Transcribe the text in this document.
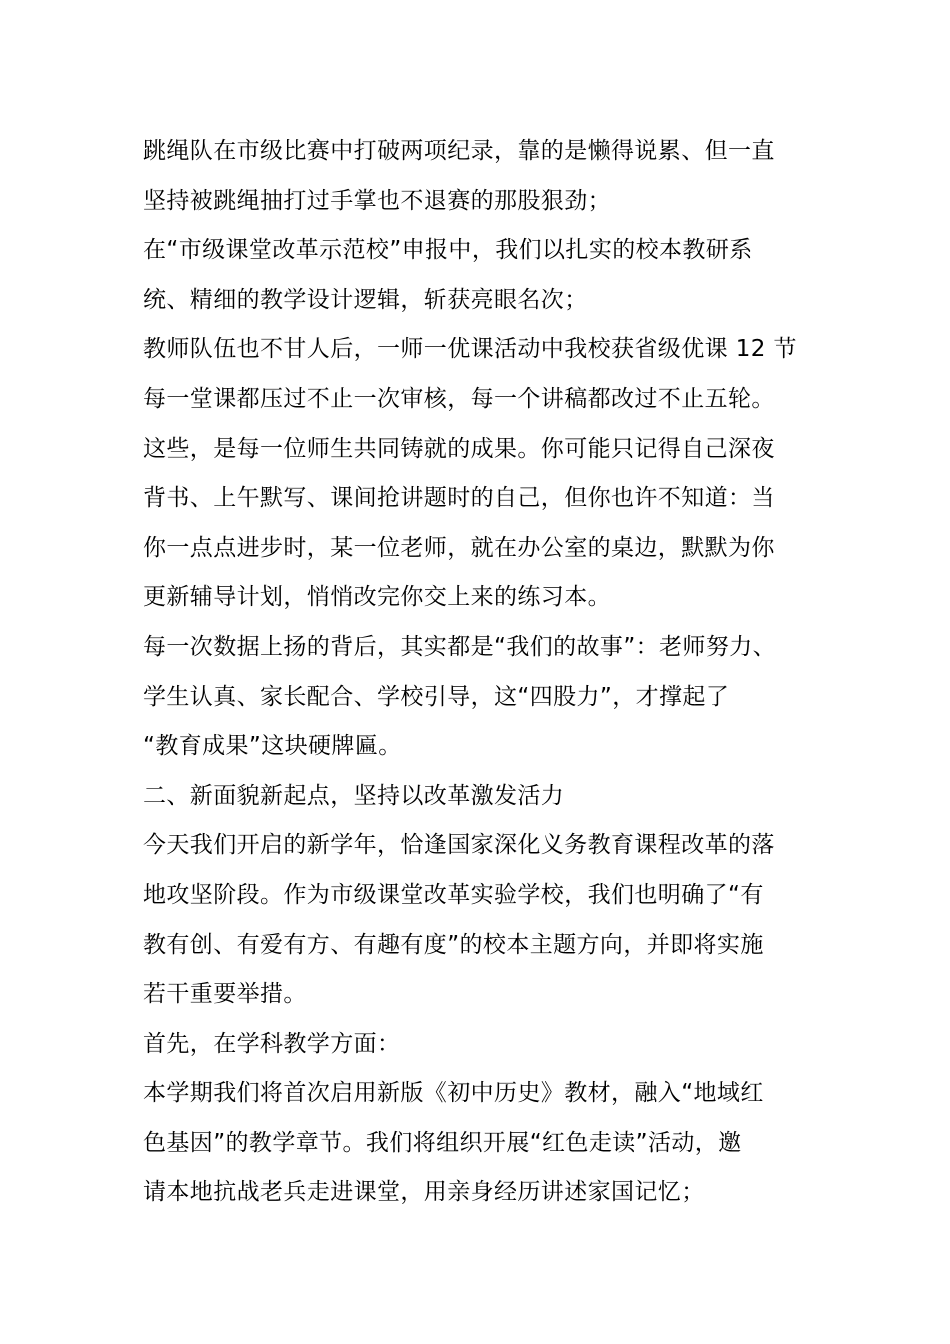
跳绳队在市级比赛中打破两项纪录，靠的是懒得说累、但一直
坚持被跳绳抽打过手掌也不退赛的那股狠劲；
在“市级课堂改革示范校”申报中，我们以扎实的校本教研系
统、精细的教学设计逻辑，斩获亮眼名次；
教师队伍也不甘人后，一师一优课活动中我校获省级优课 12 节
每一堂课都压过不止一次审核，每一个讲稿都改过不止五轮。
这些，是每一位师生共同铸就的成果。你可能只记得自己深夜
背书、上午默写、课间抢讲题时的自己，但你也许不知道：当
你一点点进步时，某一位老师，就在办公室的桌边，默默为你
更新辅导计划，悄悄改完你交上来的练习本。
每一次数据上扬的背后，其实都是“我们的故事”：老师努力、
学生认真、家长配合、学校引导，这“四股力”，才撑起了
“教育成果”这块硬牌匾。
二、新面貌新起点，坚持以改革激发活力
今天我们开启的新学年，恰逢国家深化义务教育课程改革的落
地攻坚阶段。作为市级课堂改革实验学校，我们也明确了“有
教有创、有爱有方、有趣有度”的校本主题方向，并即将实施
若干重要举措。
首先，在学科教学方面：
本学期我们将首次启用新版《初中历史》教材，融入“地域红
色基因”的教学章节。我们将组织开展“红色走读”活动，邀
请本地抗战老兵走进课堂，用亲身经历讲述家国记忆；
